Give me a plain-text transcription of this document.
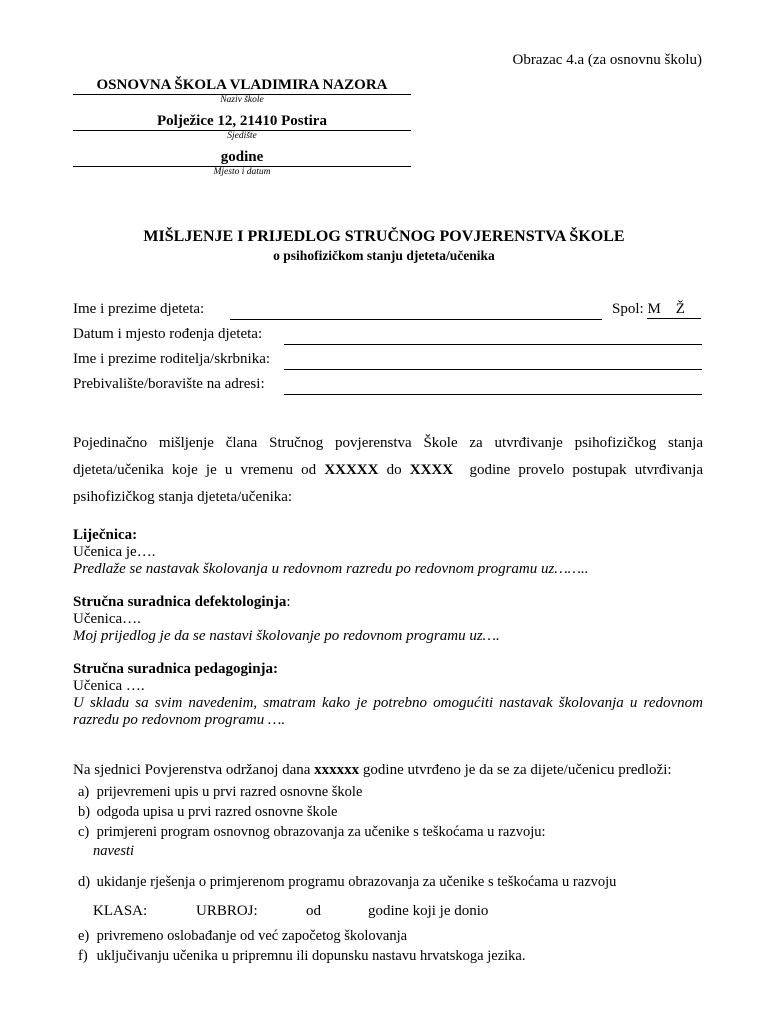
Obrazac 4.a (za osnovnu školu)
OSNOVNA ŠKOLA VLADIMIRA NAZORA
Naziv škole
Polježice 12, 21410 Postira
Sjedište
godine
Mjesto i datum
MIŠLJENJE I PRIJEDLOG STRUČNOG POVJERENSTVA ŠKOLE
o psihofizičkom stanju djeteta/učenika
Ime i prezime djeteta:	Spol: M    Ž
Datum i mjesto rođenja djeteta:
Ime i prezime roditelja/skrbnika:
Prebivalište/boravište na adresi:
Pojedinačno mišljenje člana Stručnog povjerenstva Škole za utvrđivanje psihofizičkog stanja djeteta/učenika koje je u vremenu od XXXXX do XXXX  godine provelo postupak utvrđivanja psihofizičkog stanja djeteta/učenika:
Liječnica:
Učenica je….
Predlaže se nastavak školovanja u redovnom razredu po redovnom programu uz……..
Stručna suradnica defektologinja:
Učenica….
Moj prijedlog je da se nastavi školovanje po redovnom programu uz….
Stručna suradnica pedagoginja:
Učenica ….
U skladu sa svim navedenim, smatram kako je potrebno omogućiti nastavak školovanja u redovnom razredu po redovnom programu ….
Na sjednici Povjerenstva održanoj dana xxxxxx godine utvrđeno je da se za dijete/učenicu predloži:
a) prijevremeni upis u prvi razred osnovne škole
b) odgoda upisa u prvi razred osnovne škole
c) primjereni program osnovnog obrazovanja za učenike s teškoćama u razvoju:
navesti
d) ukidanje rješenja o primjerenom programu obrazovanja za učenike s teškoćama u razvoju
KLASA:	URBROJ:	od	godine koji je donio
e) privremeno oslobađanje od već započetog školovanja
f) uključivanju učenika u pripremnu ili dopunsku nastavu hrvatskoga jezika.
